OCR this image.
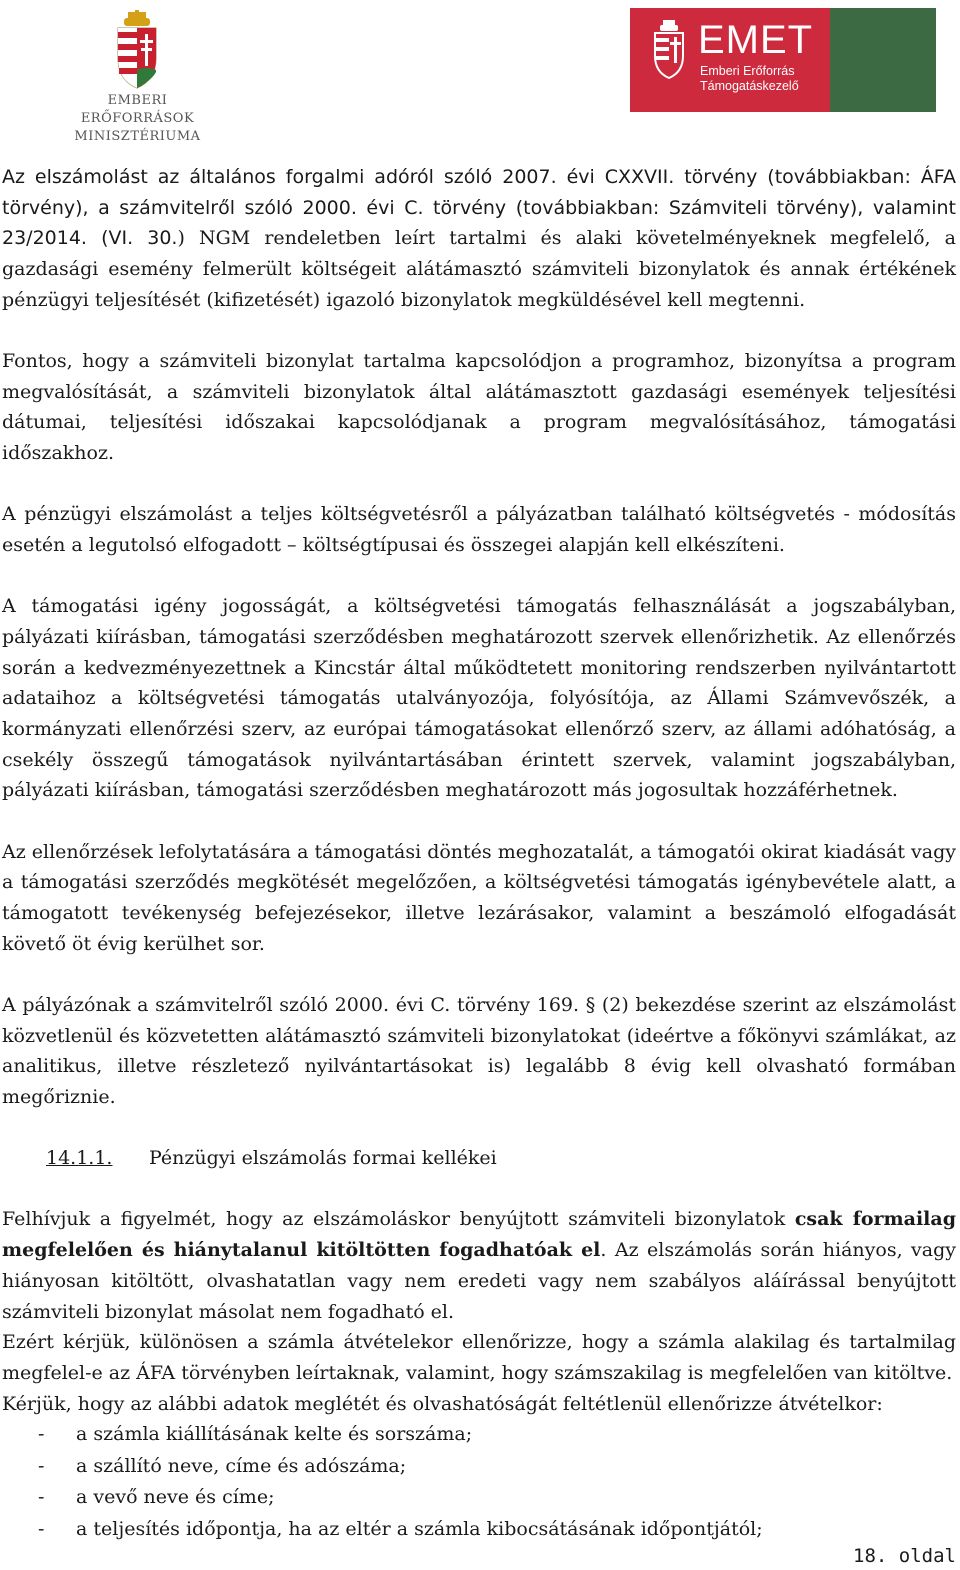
EMBERI ERŐFORRÁSOK
MINISZTÉRIUMA
EMET
Emberi Erőforrás
Támogatáskezelő

Az elszámolást az általános forgalmi adóról szóló 2007. évi CXXVII. törvény (továbbiakban: ÁFA törvény), a számvitelről szóló 2000. évi C. törvény (továbbiakban: Számviteli törvény), valamint 23/2014. (VI. 30.) NGM rendeletben leírt tartalmi és alaki követelményeknek megfelelő, a gazdasági esemény felmerült költségeit alátámasztó számviteli bizonylatok és annak értékének pénzügyi teljesítését (kifizetését) igazoló bizonylatok megküldésével kell megtenni.

Fontos, hogy a számviteli bizonylat tartalma kapcsolódjon a programhoz, bizonyítsa a program megvalósítását, a számviteli bizonylatok által alátámasztott gazdasági események teljesítési dátumai, teljesítési időszakai kapcsolódjanak a program megvalósításához, támogatási időszakhoz.

A pénzügyi elszámolást a teljes költségvetésről a pályázatban található költségvetés - módosítás esetén a legutolsó elfogadott – költségtípusai és összegei alapján kell elkészíteni.

A támogatási igény jogosságát, a költségvetési támogatás felhasználását a jogszabályban, pályázati kiírásban, támogatási szerződésben meghatározott szervek ellenőrizhetik. Az ellenőrzés során a kedvezményezettnek a Kincstár által működtetett monitoring rendszerben nyilvántartott adataihoz a költségvetési támogatás utalványozója, folyósítója, az Állami Számvevőszék, a kormányzati ellenőrzési szerv, az európai támogatásokat ellenőrző szerv, az állami adóhatóság, a csekély összegű támogatások nyilvántartásában érintett szervek, valamint jogszabályban, pályázati kiírásban, támogatási szerződésben meghatározott más jogosultak hozzáférhetnek.

Az ellenőrzések lefolytatására a támogatási döntés meghozatalát, a támogatói okirat kiadását vagy a támogatási szerződés megkötését megelőzően, a költségvetési támogatás igénybevétele alatt, a támogatott tevékenység befejezésekor, illetve lezárásakor, valamint a beszámoló elfogadását követő öt évig kerülhet sor.

A pályázónak a számvitelről szóló 2000. évi C. törvény 169. § (2) bekezdése szerint az elszámolást közvetlenül és közvetetten alátámasztó számviteli bizonylatokat (ideértve a főkönyvi számlákat, az analitikus, illetve részletező nyilvántartásokat is) legalább 8 évig kell olvasható formában megőriznie.

14.1.1. Pénzügyi elszámolás formai kellékei

Felhívjuk a figyelmét, hogy az elszámoláskor benyújtott számviteli bizonylatok csak formailag megfelelően és hiánytalanul kitöltötten fogadhatóak el. Az elszámolás során hiányos, vagy hiányosan kitöltött, olvashatatlan vagy nem eredeti vagy nem szabályos aláírással benyújtott számviteli bizonylat másolat nem fogadható el.

Ezért kérjük, különösen a számla átvételekor ellenőrizze, hogy a számla alakilag és tartalmilag megfelel-e az ÁFA törvényben leírtaknak, valamint, hogy számszakilag is megfelelően van kitöltve.

Kérjük, hogy az alábbi adatok meglétét és olvashatóságát feltétlenül ellenőrizze átvételkor:

- a számla kiállításának kelte és sorszáma;
- a szállító neve, címe és adószáma;
- a vevő neve és címe;
- a teljesítés időpontja, ha az eltér a számla kibocsátásának időpontjától;
18. oldal
